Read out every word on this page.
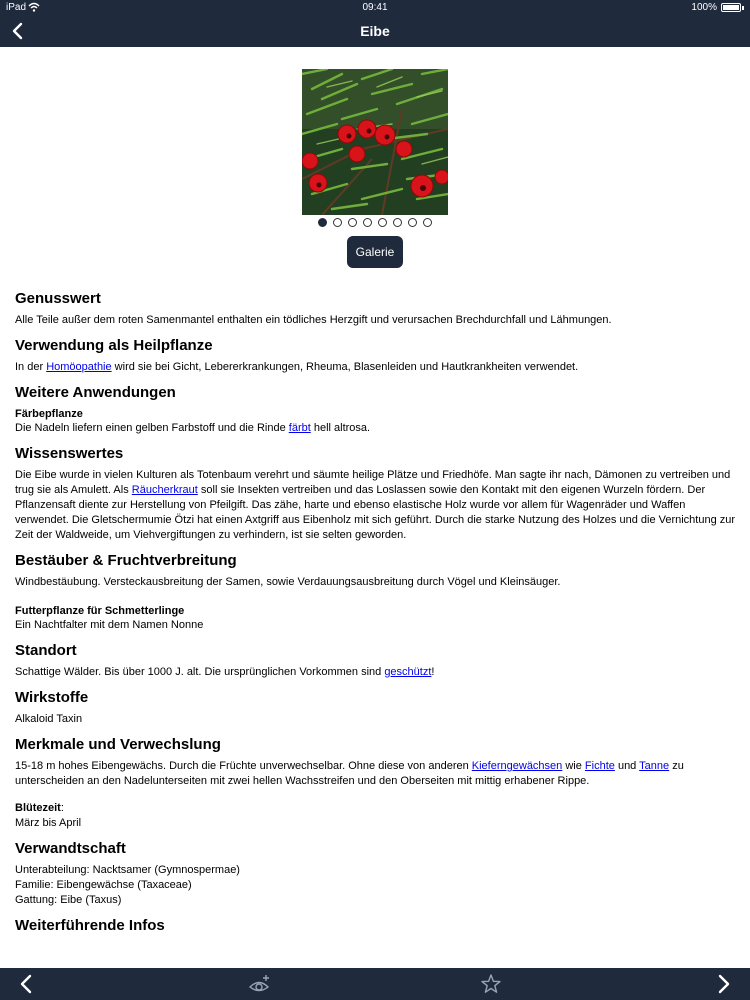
iPad	09:41	100%
Eibe
Galerie
Genusswert

Alle Teile außer dem roten Samenmantel enthalten ein tödliches Herzgift und verursachen Brechdurchfall und Lähmungen.

Verwendung als Heilpflanze

In der Homöopathie wird sie bei Gicht, Lebererkrankungen, Rheuma, Blasenleiden und Hautkrankheiten verwendet.

Weitere Anwendungen
Färbepflanze

Die Nadeln liefern einen gelben Farbstoff und die Rinde färbt hell altrosa.

Wissenswertes

Die Eibe wurde in vielen Kulturen als Totenbaum verehrt und säumte heilige Plätze und Friedhöfe. Man sagte ihr nach, Dämonen zu vertreiben und trug sie als Amulett. Als Räucherkraut soll sie Insekten vertreiben und das Loslassen sowie den Kontakt mit den eigenen Wurzeln fördern. Der Pflanzensaft diente zur Herstellung von Pfeilgift. Das zähe, harte und ebenso elastische Holz wurde vor allem für Wagenräder und Waffen verwendet. Die Gletschermumie Ötzi hat einen Axtgriff aus Eibenholz mit sich geführt. Durch die starke Nutzung des Holzes und die Vernichtung zur Zeit der Waldweide, um Viehvergiftungen zu verhindern, ist sie selten geworden.

Bestäuber & Fruchtverbreitung

Windbestäubung. Versteckausbreitung der Samen, sowie Verdauungsausbreitung durch Vögel und Kleinsäuger.

Futterpflanze für Schmetterlinge

Ein Nachtfalter mit dem Namen Nonne

Standort

Schattige Wälder. Bis über 1000 J. alt. Die ursprünglichen Vorkommen sind geschützt!

Wirkstoffe

Alkaloid Taxin

Merkmale und Verwechslung

15-18 m hohes Eibengewächs. Durch die Früchte unverwechselbar. Ohne diese von anderen Kieferngewächsen wie Fichte und Tanne zu unterscheiden an den Nadelunterseiten mit zwei hellen Wachsstreifen und den Oberseiten mit mittig erhabener Rippe.

Blütezeit:

März bis April

Verwandtschaft

Unterabteilung: Nacktsamer (Gymnospermae)

Familie: Eibengewächse (Taxaceae)

Gattung: Eibe (Taxus)

Weiterführende Infos
